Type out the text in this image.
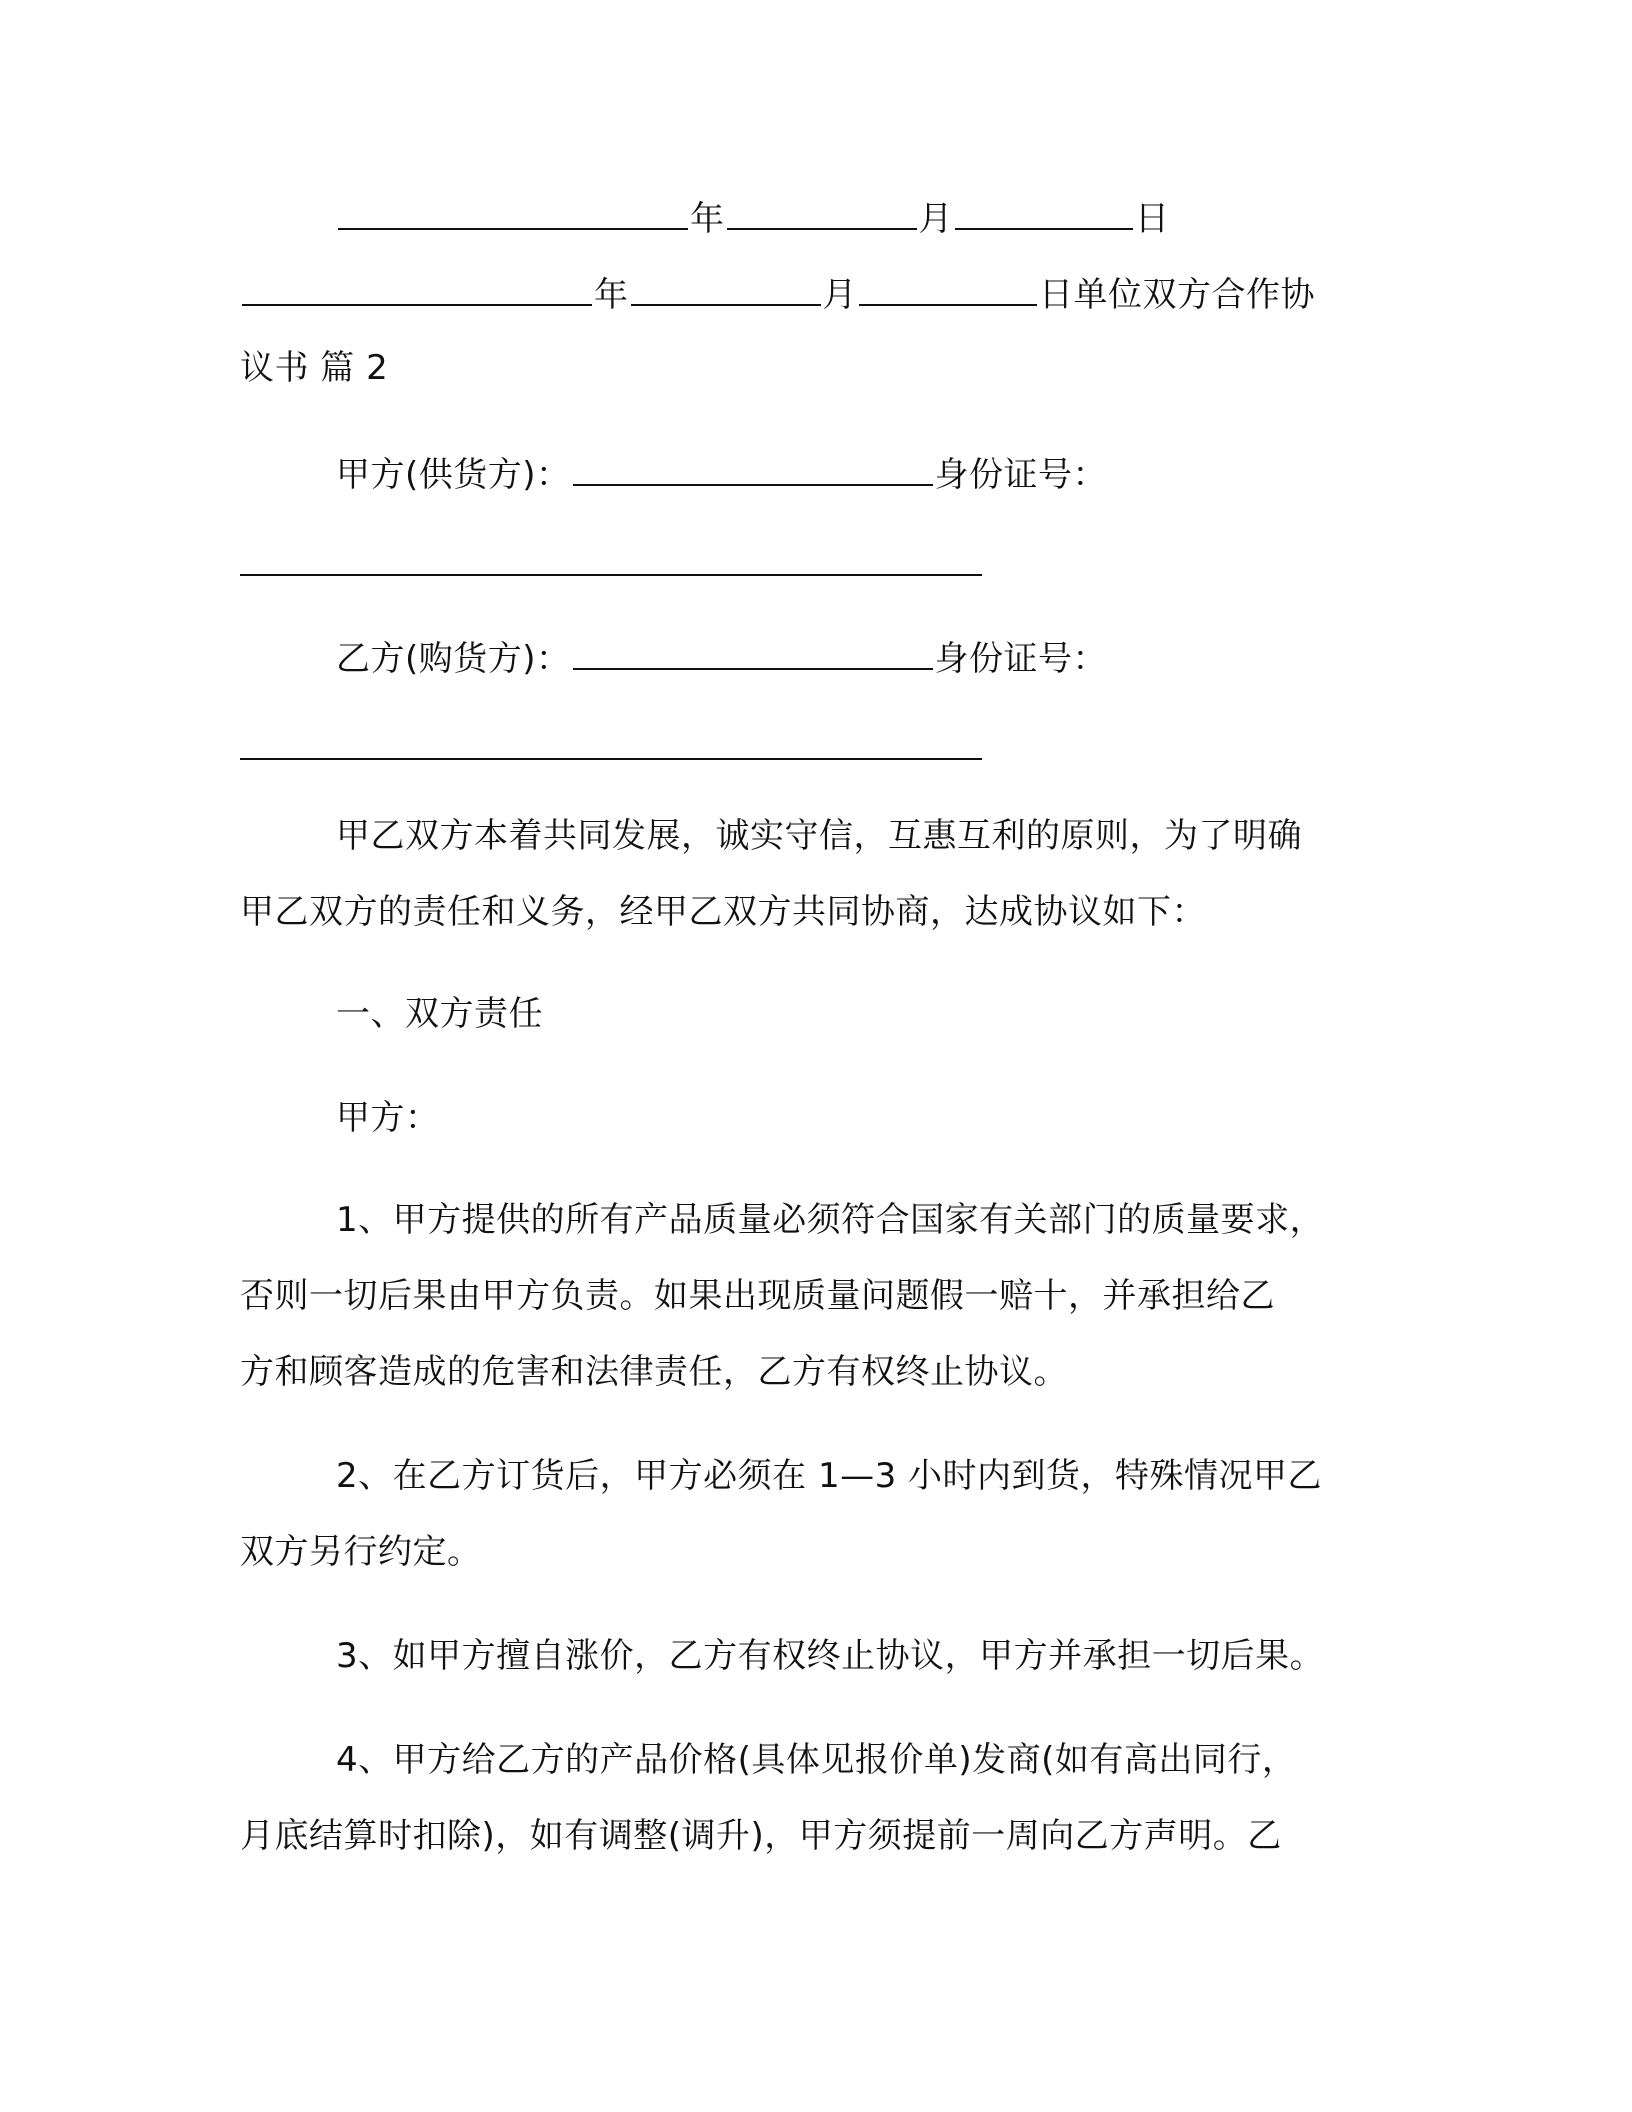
年	月	日
年	月	日单位双方合作协
议书 篇 2
甲方(供货方)：	身份证号：
乙方(购货方)：	身份证号：
甲乙双方本着共同发展，诚实守信，互惠互利的原则，为了明确
甲乙双方的责任和义务，经甲乙双方共同协商，达成协议如下：
一、双方责任
甲方：
1、甲方提供的所有产品质量必须符合国家有关部门的质量要求，
否则一切后果由甲方负责。如果出现质量问题假一赔十，并承担给乙
方和顾客造成的危害和法律责任，乙方有权终止协议。
2、在乙方订货后，甲方必须在 1—3 小时内到货，特殊情况甲乙
双方另行约定。
3、如甲方擅自涨价，乙方有权终止协议，甲方并承担一切后果。
4、甲方给乙方的产品价格(具体见报价单)发商(如有高出同行，
月底结算时扣除)，如有调整(调升)，甲方须提前一周向乙方声明。乙
